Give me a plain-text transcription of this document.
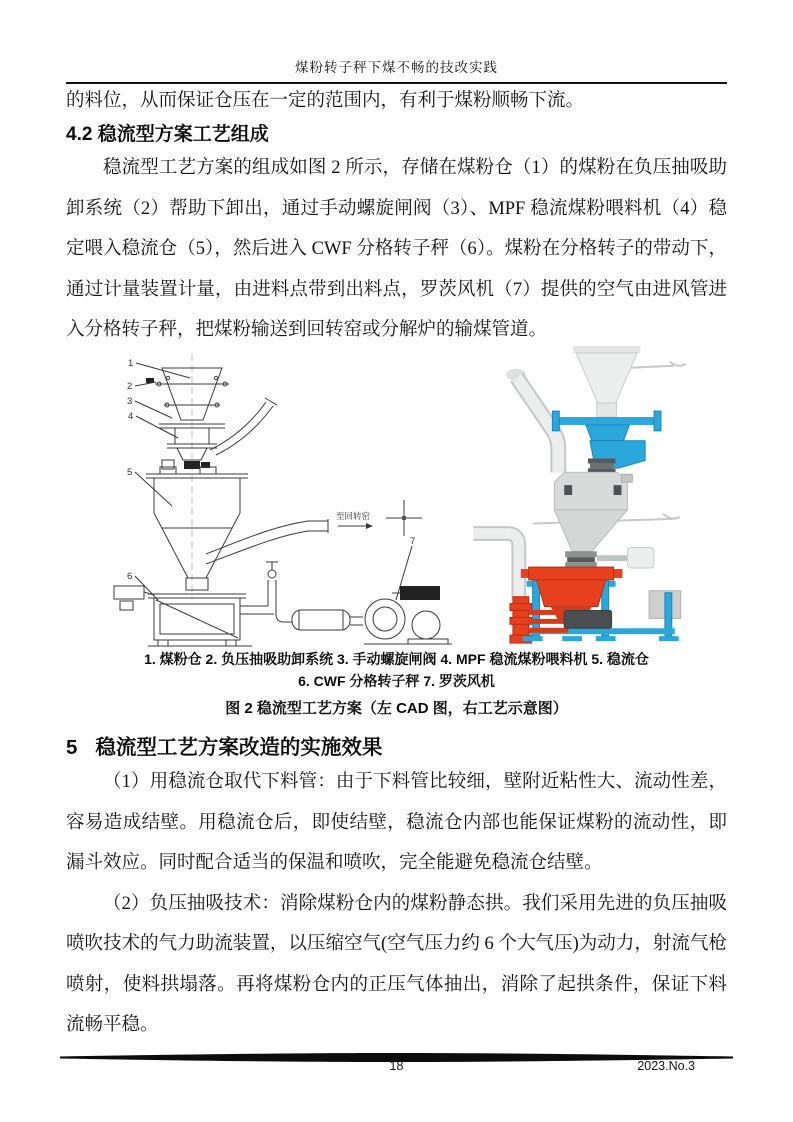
煤粉转子秤下煤不畅的技改实践
的料位，从而保证仓压在一定的范围内，有利于煤粉顺畅下流。
4.2 稳流型方案工艺组成
稳流型工艺方案的组成如图 2 所示，存储在煤粉仓（1）的煤粉在负压抽吸助
卸系统（2）帮助下卸出，通过手动螺旋闸阀（3）、MPF 稳流煤粉喂料机（4）稳
定喂入稳流仓（5），然后进入 CWF 分格转子秤（6）。煤粉在分格转子的带动下，
通过计量装置计量，由进料点带到出料点，罗茨风机（7）提供的空气由进风管进
入分格转子秤，把煤粉输送到回转窑或分解炉的输煤管道。
1
2
3
4
5
6
7
至回转窑
1. 煤粉仓 2. 负压抽吸助卸系统 3. 手动螺旋闸阀 4. MPF 稳流煤粉喂料机 5. 稳流仓
6. CWF 分格转子秤 7. 罗茨风机
图 2 稳流型工艺方案（左 CAD 图，右工艺示意图）
5 稳流型工艺方案改造的实施效果
（1）用稳流仓取代下料管：由于下料管比较细，壁附近粘性大、流动性差，
容易造成结壁。用稳流仓后，即使结壁，稳流仓内部也能保证煤粉的流动性，即
漏斗效应。同时配合适当的保温和喷吹，完全能避免稳流仓结壁。
（2）负压抽吸技术：消除煤粉仓内的煤粉静态拱。我们采用先进的负压抽吸
喷吹技术的气力助流装置，以压缩空气(空气压力约 6 个大气压)为动力，射流气枪
喷射，使料拱塌落。再将煤粉仓内的正压气体抽出，消除了起拱条件，保证下料
流畅平稳。
18	2023.No.3
